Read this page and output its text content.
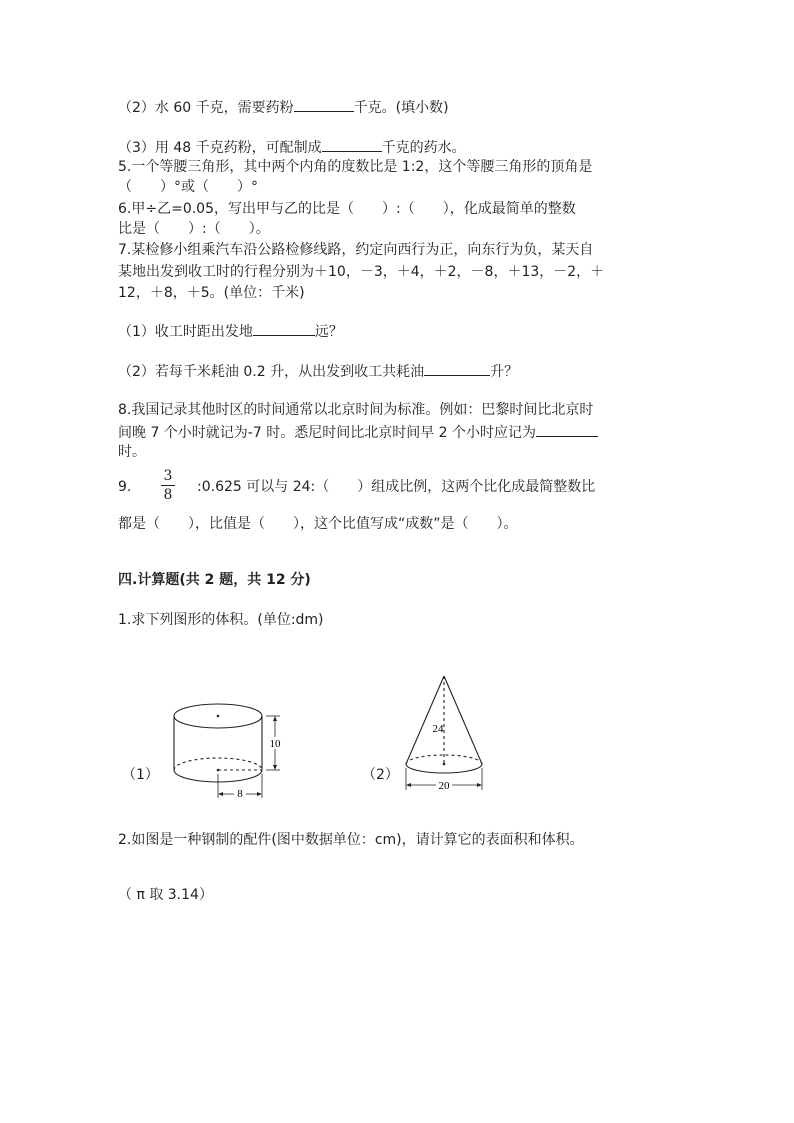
（2）水 60 千克，需要药粉	千克。(填小数)
（3）用 48 千克药粉，可配制成	千克的药水。
5.一个等腰三角形，其中两个内角的度数比是 1:2，这个等腰三角形的顶角是
（　　）°或（　　）°
6.甲÷乙=0.05，写出甲与乙的比是（　　）:（　　），化成最简单的整数
比是（　　）:（　　）。
7.某检修小组乘汽车沿公路检修线路，约定向西行为正，向东行为负，某天自
某地出发到收工时的行程分别为＋10，－3，＋4，＋2，－8，＋13，－2，＋
12，＋8，＋5。(单位：千米)
（1）收工时距出发地	远？
（2）若每千米耗油 0.2 升，从出发到收工共耗油	升？
8.我国记录其他时区的时间通常以北京时间为标准。例如：巴黎时间比北京时
间晚 7 个小时就记为-7 时。悉尼时间比北京时间早 2 个小时应记为
时。
9.
3
8	:0.625 可以与 24:（　　）组成比例，这两个比化成最简整数比
都是（　　），比值是（　　），这个比值写成“成数”是（　　）。
四.计算题(共 2 题，共 12 分)
1.求下列图形的体积。(单位:dm)
（1）	（2）
10
8
24
20
2.如图是一种钢制的配件(图中数据单位：cm)，请计算它的表面积和体积。
（ π 取 3.14）
